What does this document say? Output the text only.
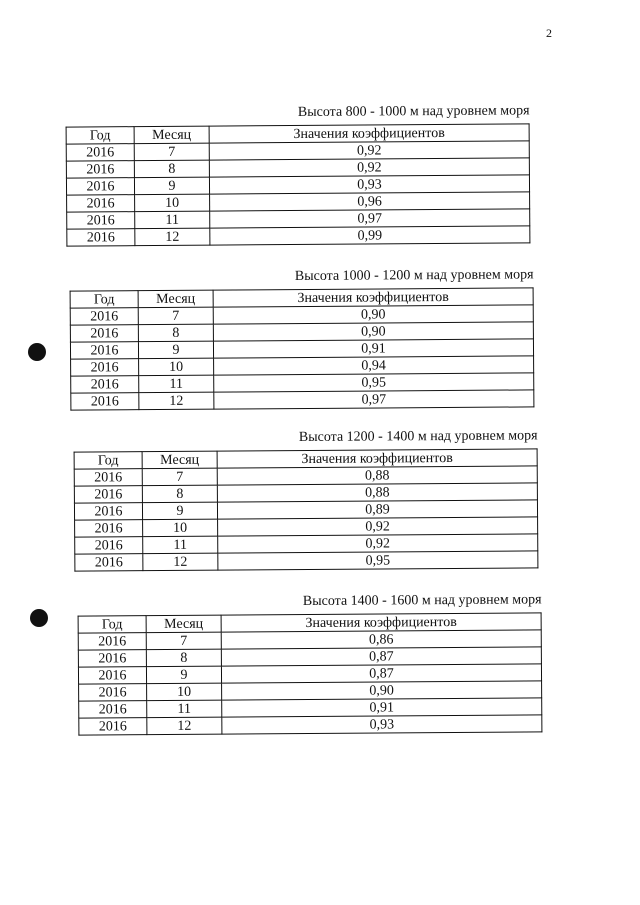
2
Высота 800 - 1000 м над уровнем моря
Год	Месяц	Значения коэффициентов
2016	7	0,92
2016	8	0,92
2016	9	0,93
2016	10	0,96
2016	11	0,97
2016	12	0,99
Высота 1000 - 1200 м над уровнем моря
Год	Месяц	Значения коэффициентов
2016	7	0,90
2016	8	0,90
2016	9	0,91
2016	10	0,94
2016	11	0,95
2016	12	0,97
Высота 1200 - 1400 м над уровнем моря
Год	Месяц	Значения коэффициентов
2016	7	0,88
2016	8	0,88
2016	9	0,89
2016	10	0,92
2016	11	0,92
2016	12	0,95
Высота 1400 - 1600 м над уровнем моря
Год	Месяц	Значения коэффициентов
2016	7	0,86
2016	8	0,87
2016	9	0,87
2016	10	0,90
2016	11	0,91
2016	12	0,93
